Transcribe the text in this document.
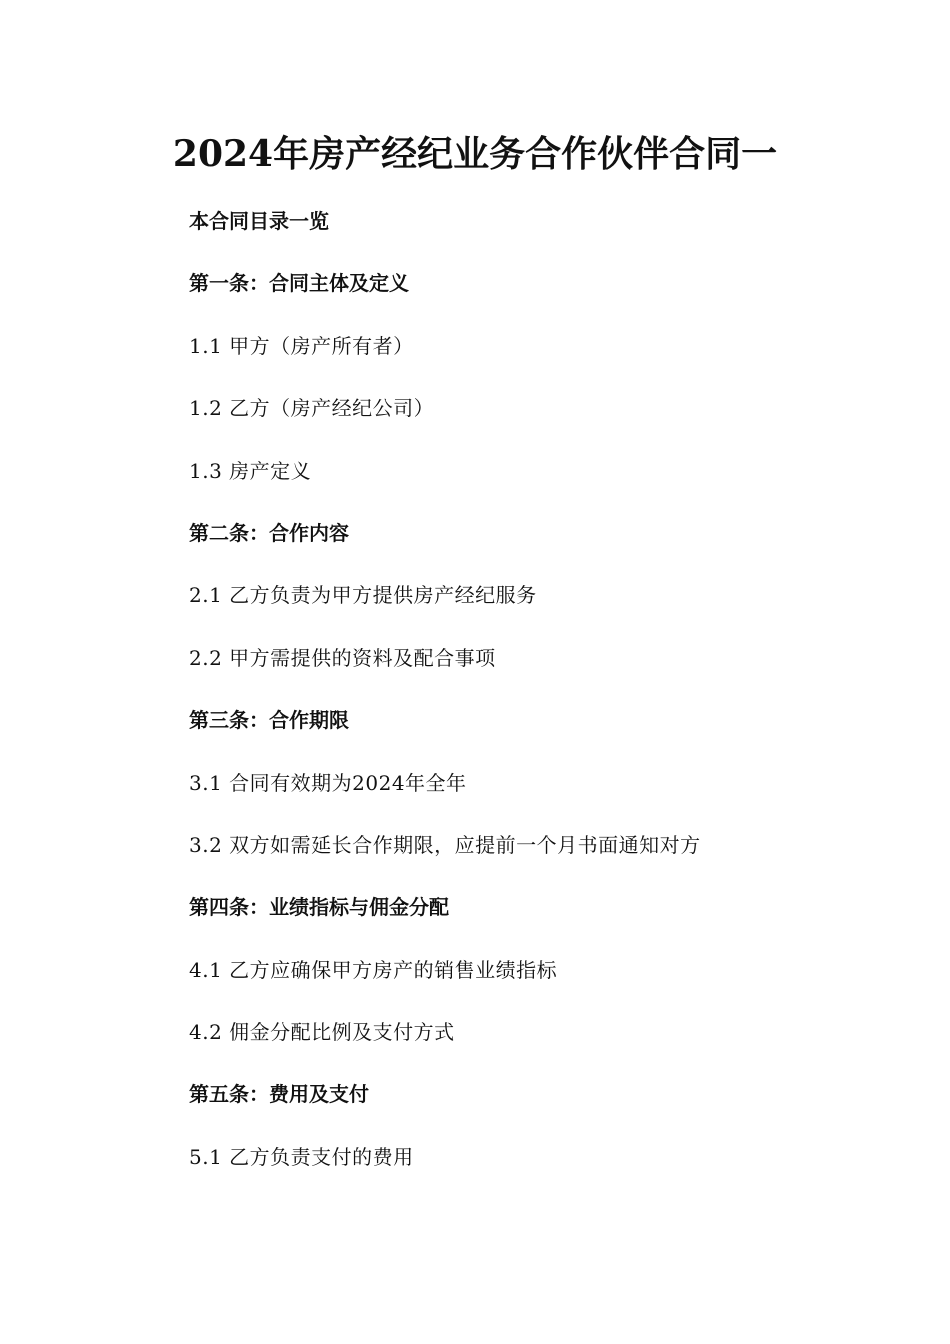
2024年房产经纪业务合作伙伴合同一
本合同目录一览
第一条：合同主体及定义
1.1 甲方（房产所有者）
1.2 乙方（房产经纪公司）
1.3 房产定义
第二条：合作内容
2.1 乙方负责为甲方提供房产经纪服务
2.2 甲方需提供的资料及配合事项
第三条：合作期限
3.1 合同有效期为2024年全年
3.2 双方如需延长合作期限，应提前一个月书面通知对方
第四条：业绩指标与佣金分配
4.1 乙方应确保甲方房产的销售业绩指标
4.2 佣金分配比例及支付方式
第五条：费用及支付
5.1 乙方负责支付的费用
